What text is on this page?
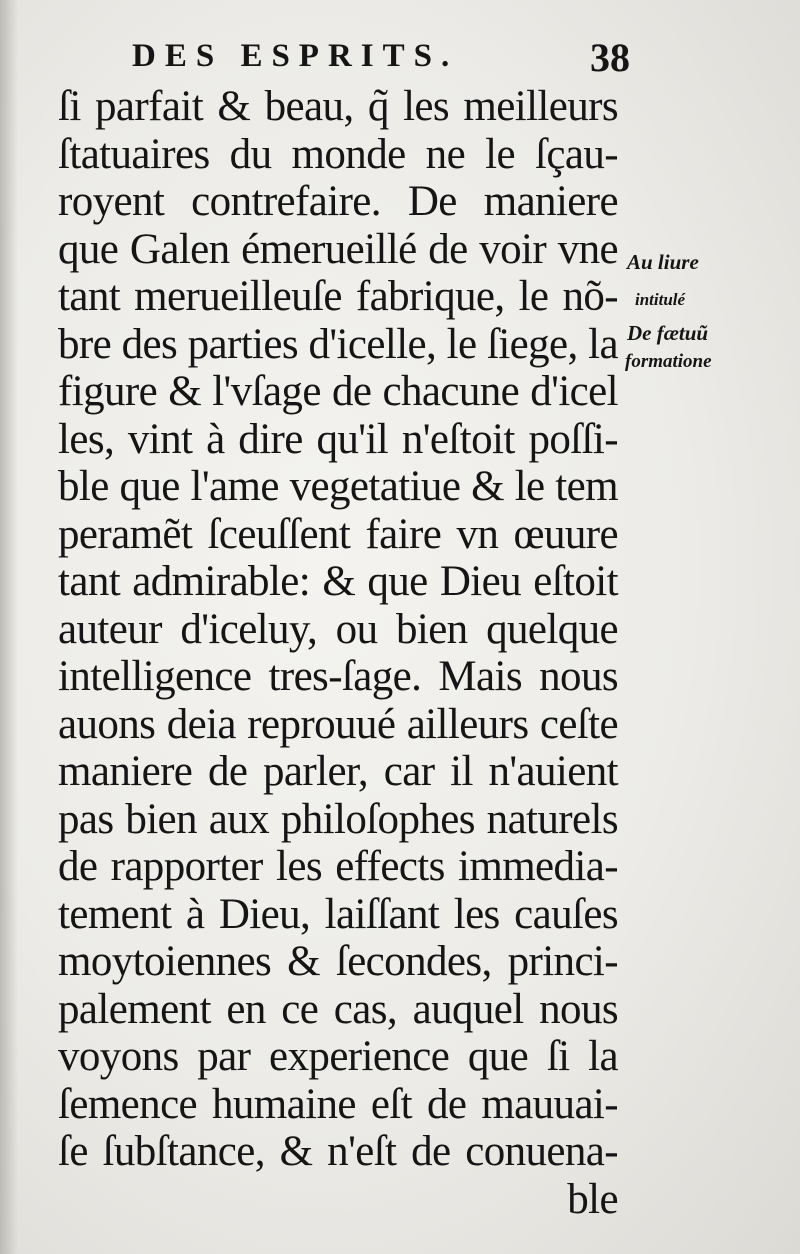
DES ESPRITS.	38
ſi parfait & beau, q̃ les meilleurs
ſtatuaires du monde ne le ſçau-
royent contrefaire. De maniere
que Galen émerueillé de voir vne
tant merueilleuſe fabrique, le nõ-
bre des parties d'icelle, le ſiege, la
figure & l'vſage de chacune d'icel
les, vint à dire qu'il n'eſtoit poſſi-
ble que l'ame vegetatiue & le tem
peramẽt ſceuſſent faire vn œuure
tant admirable: & que Dieu eſtoit
auteur d'iceluy, ou bien quelque
intelligence tres-ſage. Mais nous
auons deia reprouué ailleurs ceſte
maniere de parler, car il n'auient
pas bien aux philoſophes naturels
de rapporter les effects immedia-
tement à Dieu, laiſſant les cauſes
moytoiennes & ſecondes, princi-
palement en ce cas, auquel nous
voyons par experience que ſi la
ſemence humaine eſt de mauuai-
ſe ſubſtance, & n'eſt de conuena-
ble
Au liure
intitulé
De fætuũ
formatione
